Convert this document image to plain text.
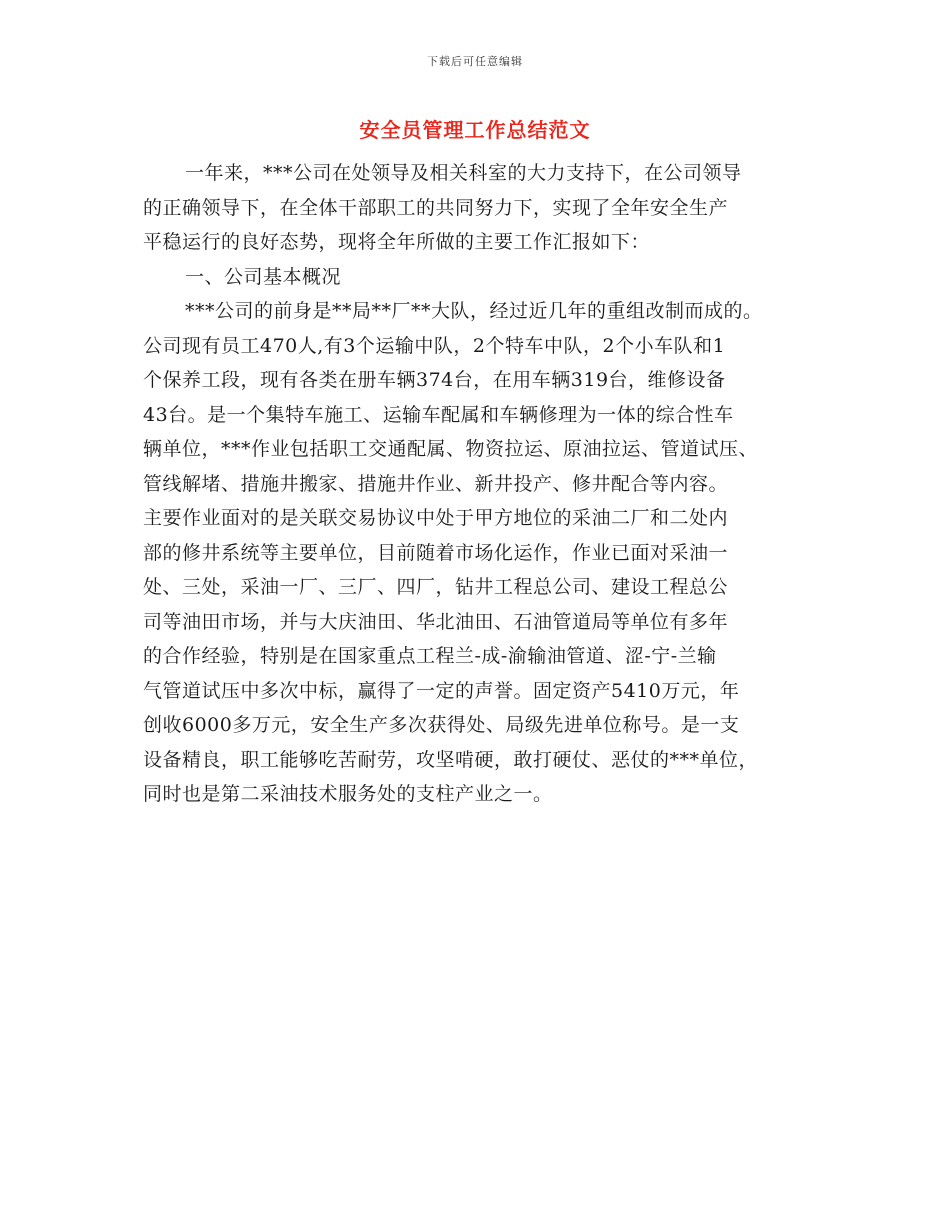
下载后可任意编辑
安全员管理工作总结范文
一年来，***公司在处领导及相关科室的大力支持下，在公司领导
的正确领导下，在全体干部职工的共同努力下，实现了全年安全生产
平稳运行的良好态势，现将全年所做的主要工作汇报如下：
一、公司基本概况
***公司的前身是**局**厂**大队，经过近几年的重组改制而成的。
公司现有员工470人,有3个运输中队，2个特车中队，2个小车队和1
个保养工段，现有各类在册车辆374台，在用车辆319台，维修设备
43台。是一个集特车施工、运输车配属和车辆修理为一体的综合性车
辆单位，***作业包括职工交通配属、物资拉运、原油拉运、管道试压、
管线解堵、措施井搬家、措施井作业、新井投产、修井配合等内容。
主要作业面对的是关联交易协议中处于甲方地位的采油二厂和二处内
部的修井系统等主要单位，目前随着市场化运作，作业已面对采油一
处、三处，采油一厂、三厂、四厂，钻井工程总公司、建设工程总公
司等油田市场，并与大庆油田、华北油田、石油管道局等单位有多年
的合作经验，特别是在国家重点工程兰-成-渝输油管道、涩-宁-兰输
气管道试压中多次中标，赢得了一定的声誉。固定资产5410万元，年
创收6000多万元，安全生产多次获得处、局级先进单位称号。是一支
设备精良，职工能够吃苦耐劳，攻坚啃硬，敢打硬仗、恶仗的***单位，
同时也是第二采油技术服务处的支柱产业之一。
